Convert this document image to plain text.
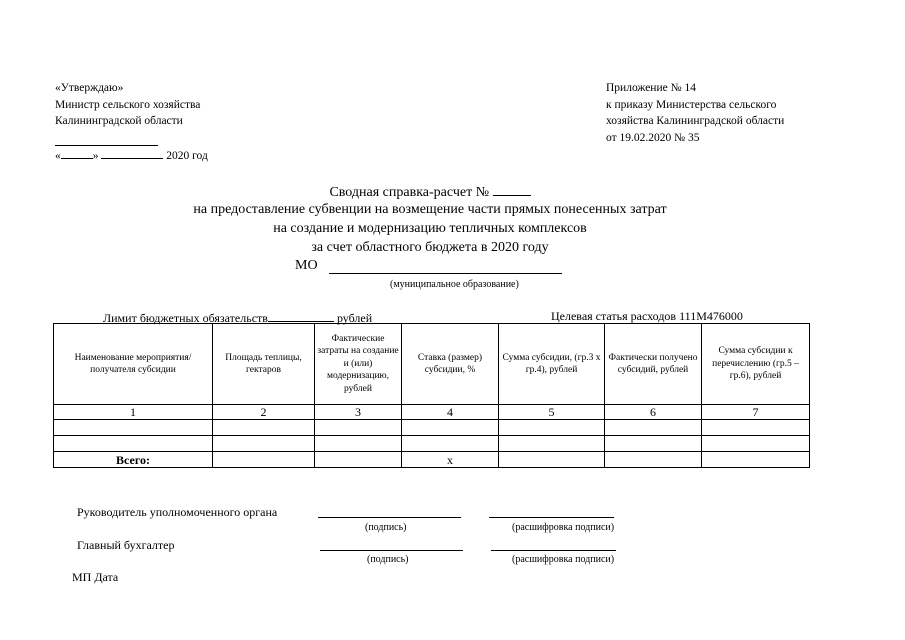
«Утверждаю»
Министр сельского хозяйства
Калининградской области
«	»	2020 год
Приложение № 14
к приказу Министерства сельского
хозяйства Калининградской области
от 19.02.2020 № 35
Сводная справка-расчет №
на предоставление субвенции на возмещение части прямых понесенных затрат
на создание и модернизацию тепличных комплексов
за счет областного бюджета в 2020 году
МО
(муниципальное образование)
Лимит бюджетных обязательств	рублей	Целевая статья расходов 111М476000
Наименование мероприятия/получателя субсидии	Площадь теплицы, гектаров	Фактические затраты на создание и (или) модернизацию, рублей	Ставка (размер) субсидии, %	Сумма субсидии, (гр.3 х гр.4), рублей	Фактически получено субсидий, рублей	Сумма субсидии к перечислению (гр.5 – гр.6), рублей
1	2	3	4	5	6	7

Всего:			х			
Руководитель уполномоченного органа
(подпись)	(расшифровка подписи)
Главный бухгалтер
(подпись)	(расшифровка подписи)
МП Дата
